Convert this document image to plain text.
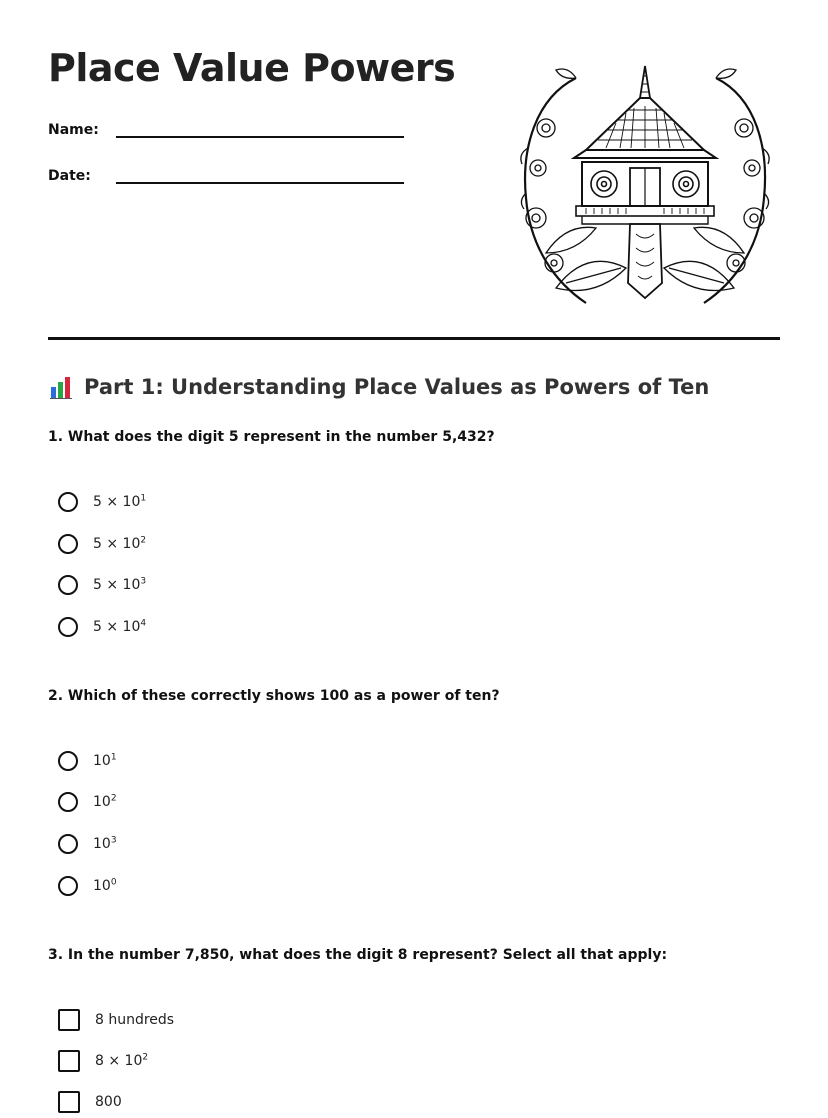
Place Value Powers
Name:
Date:
Part 1: Understanding Place Values as Powers of Ten

1. What does the digit 5 represent in the number 5,432?

$5 \times 10^1$
$5 \times 10^2$
$5 \times 10^3$
$5 \times 10^4$

2. Which of these correctly shows 100 as a power of ten?

$10^1$
$10^2$
$10^3$
$10^0$

3. In the number 7,850, what does the digit 8 represent? Select all that apply:

8 hundreds
$8 \times 10^2$
800
